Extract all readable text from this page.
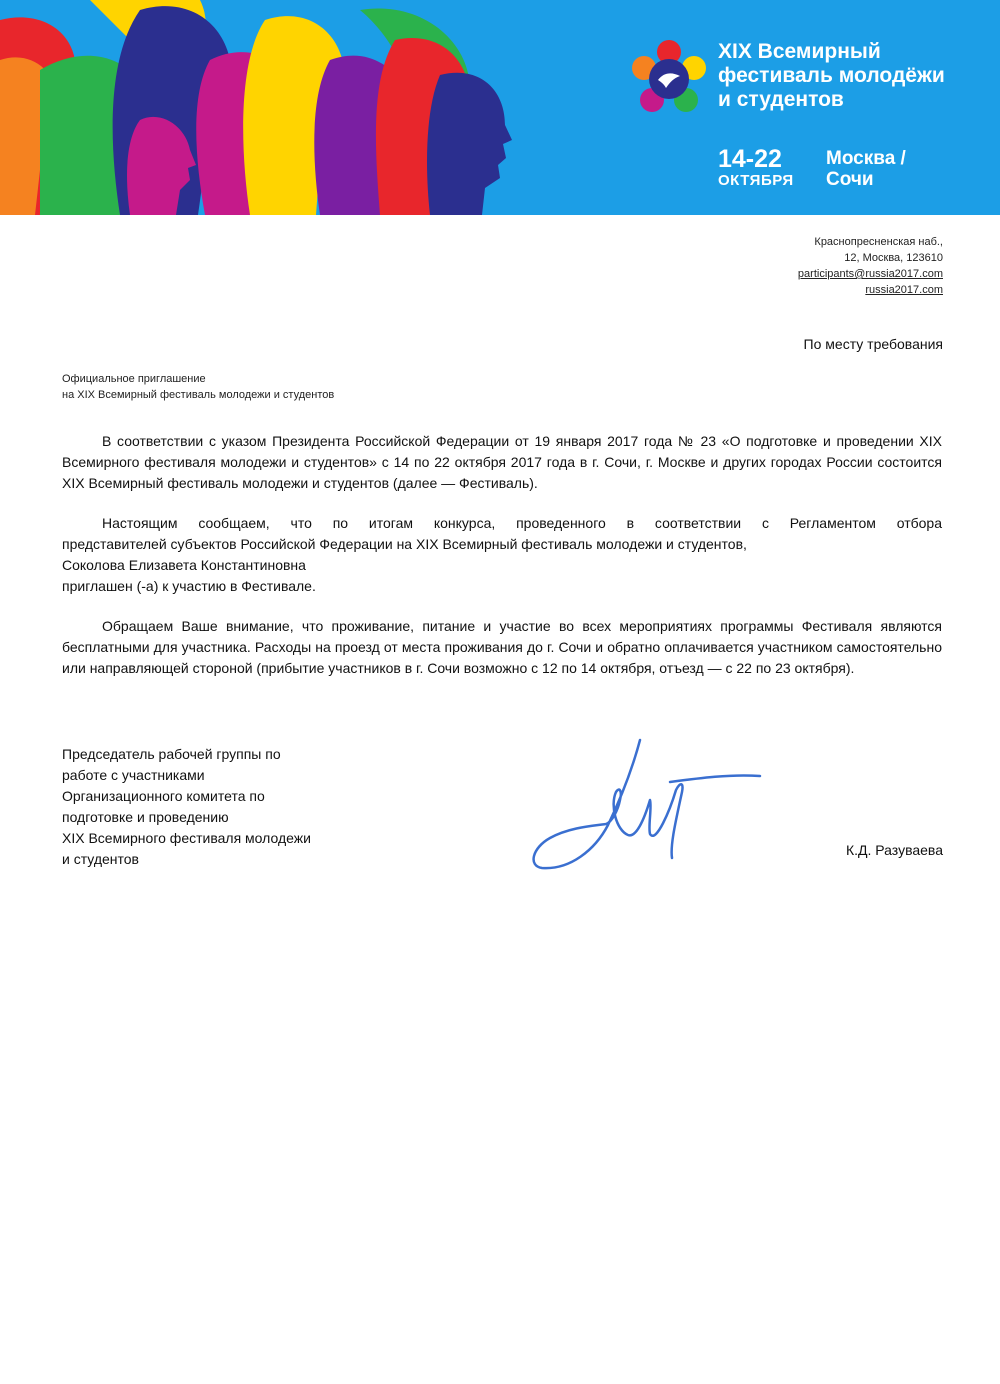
XIX Всемирный
фестиваль молодёжи
и студентов
14-22
ОКТЯБРЯ
Москва /
Сочи
Краснопресненская наб.,
12, Москва, 123610
participants@russia2017.com
russia2017.com
По месту требования
Официальное приглашение
на XIX Всемирный фестиваль молодежи и студентов

В соответствии с указом Президента Российской Федерации от 19 января 2017 года № 23 «О подготовке и проведении XIX Всемирного фестиваля молодежи и студентов» с 14 по 22 октября 2017 года в г. Сочи, г. Москве и других городах России состоится XIX Всемирный фестиваль молодежи и студентов (далее — Фестиваль).

Настоящим сообщаем, что по итогам конкурса, проведенного в соответствии с Регламентом отбора
представителей субъектов Российской Федерации на XIX Всемирный фестиваль молодежи и студентов,
Соколова Елизавета Константиновна
приглашен (-а) к участию в Фестивале.

Обращаем Ваше внимание, что проживание, питание и участие во всех мероприятиях программы Фестиваля являются бесплатными для участника. Расходы на проезд от места проживания до г. Сочи и обратно оплачивается участником самостоятельно или направляющей стороной (прибытие участников в г. Сочи возможно с 12 по 14 октября, отъезд — с 22 по 23 октября).

Председатель рабочей группы по
работе с участниками
Организационного комитета по
подготовке и проведению
XIX Всемирного фестиваля молодежи
и студентов
К.Д. Разуваева
